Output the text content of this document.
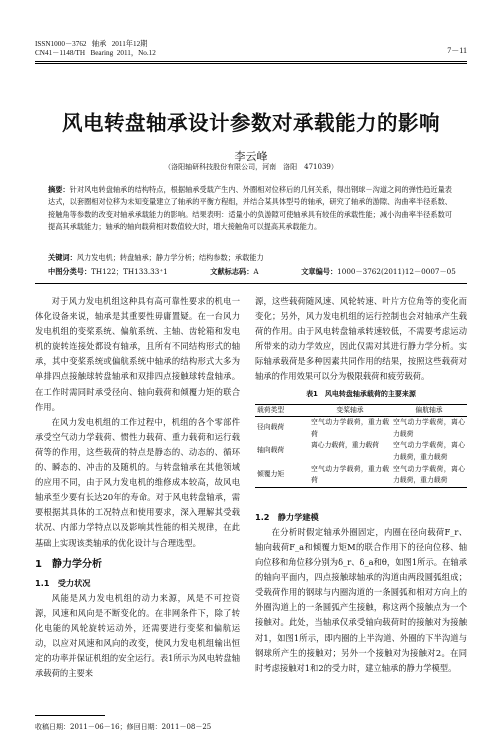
ISSN1000－3762 轴承 2011年12期
CN41－1148/TH Bearing 2011，No.12	7－11
风电转盘轴承设计参数对承载能力的影响
李云峰
（洛阳轴研科技股份有限公司，河南　洛阳　471039）
摘要：针对风电转盘轴承的结构特点，根据轴承受载产生内、外圈相对位移后的几何关系，得出钢球－沟道之间的弹性趋近量表达式，以套圈相对位移为未知变量建立了轴承的平衡方程组，并结合某具体型号的轴承，研究了轴承的游隙、沟曲率半径系数、接触角等参数的改变对轴承承载能力的影响。结果表明：适量小的负游隙可使轴承具有较佳的承载性能；减小沟曲率半径系数可提高其承载能力；轴承的轴向载荷相对数值较大时，增大接触角可以提高其承载能力。
关键词：风力发电机；转盘轴承；静力学分析；结构参数；承载能力
中图分类号：TH122；TH133.33⁺1	文献标志码：A	文章编号：1000－3762(2011)12－0007－05

对于风力发电机组这种具有高可靠性要求的机电一体化设备来说，轴承是其重要性毋庸置疑。在一台风力发电机组的变桨系统、偏航系统、主轴、齿轮箱和发电机的旋转连接处都设有轴承，且所有不同结构形式的轴承，其中变桨系统或偏航系统中轴承的结构形式大多为单排四点接触球转盘轴承和双排四点接触球转盘轴承。在工作时需同时承受径向、轴向载荷和倾覆力矩的联合作用。

在风力发电机组的工作过程中，机组的各个零部件承受空气动力学载荷、惯性力载荷、重力载荷和运行载荷等的作用，这些载荷的特点是静态的、动态的、循环的、瞬态的、冲击的及随机的。与转盘轴承在其他领域的应用不同，由于风力发电机的维修成本较高，故风电轴承至少要有长达20年的寿命。对于风电转盘轴承，需要根据其具体的工况特点和使用要求，深入理解其受载状况、内部力学特点以及影响其性能的相关规律，在此基础上实现该类轴承的优化设计与合理选型。

1　静力学分析
1.1　受力状况

风能是风力发电机组的动力来源，风是不可控资源，风速和风向是不断变化的。在非网条件下，除了转化电能的风轮旋转运动外，还需要进行变桨和偏航运动，以应对风速和风向的改变，使风力发电机组输出恒定的功率并保证机组的安全运行。表1所示为风电转盘轴承载荷的主要来

收稿日期：2011－06－16；修回日期：2011－08－25

源，这些载荷随风速、风轮转速、叶片方位角等的变化而变化；另外，风力发电机组的运行控制也会对轴承产生载荷的作用。由于风电转盘轴承转速较低，不需要考虑运动所带来的动力学效应，因此仅需对其进行静力学分析。实际轴承载荷是多种因素共同作用的结果，按照这些载荷对轴承的作用效果可以分为极限载荷和疲劳载荷。

表1　风电转盘轴承载荷的主要来源
载荷类型	变桨轴承	偏航轴承
径向载荷	空气动力学载荷，重力载荷	空气动力学载荷，离心力载荷
轴向载荷	离心力载荷，重力载荷	空气动力学载荷，离心力载荷，重力载荷
倾覆力矩	空气动力学载荷，重力载荷	空气动力学载荷，离心力载荷，重力载荷
1.2　静力学建模

在分析时假定轴承外圈固定，内圈在径向载荷F_r、轴向载荷F_a和倾覆力矩M的联合作用下的径向位移、轴向位移和角位移分别为δ_r、δ_a和θ，如图1所示。在轴承的轴向平面内，四点接触球轴承的沟道由两段圆弧组成；受载荷作用的钢球与内圈沟道的一条圆弧和相对方向上的外圈沟道上的一条圆弧产生接触，称这两个接触点为一个接触对。此处，当轴承仅承受轴向载荷时的接触对为接触对1，如图1所示，即内圈的上半沟道、外圈的下半沟道与钢球所产生的接触对；另外一个接触对为接触对2。在同时考虑接触对1和2的受力时，建立轴承的静力学模型。
